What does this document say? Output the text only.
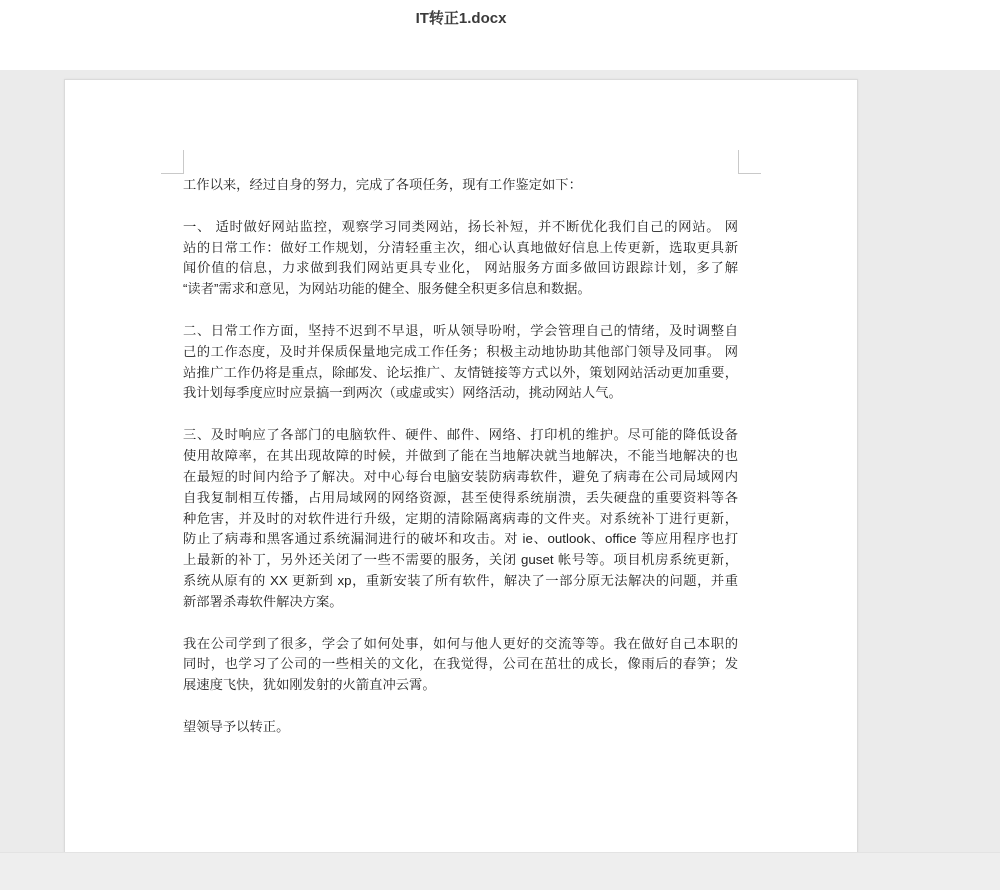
IT转正1.docx
工作以来，经过自身的努力，完成了各项任务，现有工作鉴定如下：
一、 适时做好网站监控，观察学习同类网站，扬长补短，并不断优化我们自己的网站。 网
站的日常工作：做好工作规划，分清轻重主次，细心认真地做好信息上传更新，选取更具新
闻价值的信息，力求做到我们网站更具专业化， 网站服务方面多做回访跟踪计划，多了解
“读者”需求和意见，为网站功能的健全、服务健全积更多信息和数据。
二、日常工作方面，坚持不迟到不早退，听从领导吩咐，学会管理自己的情绪，及时调整自
己的工作态度，及时并保质保量地完成工作任务；积极主动地协助其他部门领导及同事。 网
站推广工作仍将是重点，除邮发、论坛推广、友情链接等方式以外，策划网站活动更加重要，
我计划每季度应时应景搞一到两次（或虚或实）网络活动，挑动网站人气。
三、及时响应了各部门的电脑软件、硬件、邮件、网络、打印机的维护。尽可能的降低设备
使用故障率，在其出现故障的时候，并做到了能在当地解决就当地解决，不能当地解决的也
在最短的时间内给予了解决。对中心每台电脑安装防病毒软件，避免了病毒在公司局域网内
自我复制相互传播，占用局域网的网络资源，甚至使得系统崩溃，丢失硬盘的重要资料等各
种危害，并及时的对软件进行升级，定期的清除隔离病毒的文件夹。对系统补丁进行更新，
防止了病毒和黑客通过系统漏洞进行的破坏和攻击。对 ie、outlook、office 等应用程序也打
上最新的补丁，另外还关闭了一些不需要的服务，关闭 guset 帐号等。项目机房系统更新，
系统从原有的 XX 更新到 xp，重新安装了所有软件，解决了一部分原无法解决的问题，并重
新部署杀毒软件解决方案。
我在公司学到了很多，学会了如何处事，如何与他人更好的交流等等。我在做好自己本职的
同时，也学习了公司的一些相关的文化，在我觉得，公司在茁壮的成长，像雨后的春笋；发
展速度飞快，犹如刚发射的火箭直冲云霄。
望领导予以转正。
